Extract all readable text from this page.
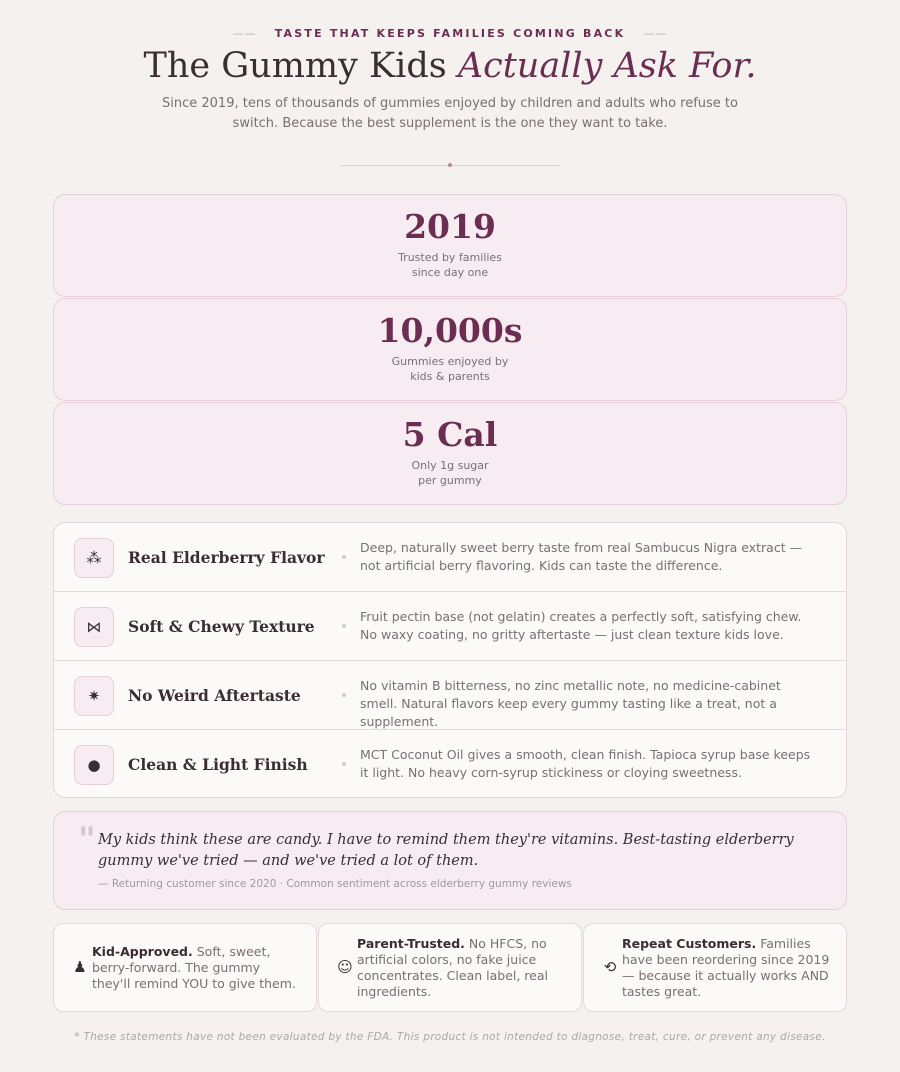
—— TASTE THAT KEEPS FAMILIES COMING BACK ——
The Gummy Kids Actually Ask For.
Since 2019, tens of thousands of gummies enjoyed by children and adults who refuse to switch. Because the best supplement is the one they want to take.
2019
Trusted by families
since day one
10,000s
Gummies enjoyed by
kids & parents
5 Cal
Only 1g sugar
per gummy
⁂	Real Elderberry Flavor
Deep, naturally sweet berry taste from real Sambucus Nigra extract — not artificial berry flavoring. Kids can taste the difference.
⋈	Soft & Chewy Texture
Fruit pectin base (not gelatin) creates a perfectly soft, satisfying chew. No waxy coating, no gritty aftertaste — just clean texture kids love.
✷	No Weird Aftertaste
No vitamin B bitterness, no zinc metallic note, no medicine-cabinet smell. Natural flavors keep every gummy tasting like a treat, not a supplement.
●	Clean & Light Finish
MCT Coconut Oil gives a smooth, clean finish. Tapioca syrup base keeps it light. No heavy corn-syrup stickiness or cloying sweetness.
" My kids think these are candy. I have to remind them they're vitamins. Best-tasting elderberry gummy we've tried — and we've tried a lot of them.
— Returning customer since 2020 · Common sentiment across elderberry gummy reviews
♟
Kid-Approved. Soft, sweet, berry-forward. The gummy they'll remind YOU to give them.
☺
Parent-Trusted. No HFCS, no artificial colors, no fake juice concentrates. Clean label, real ingredients.
⟲
Repeat Customers. Families have been reordering since 2019 — because it actually works AND tastes great.
* These statements have not been evaluated by the FDA. This product is not intended to diagnose, treat, cure, or prevent any disease.
